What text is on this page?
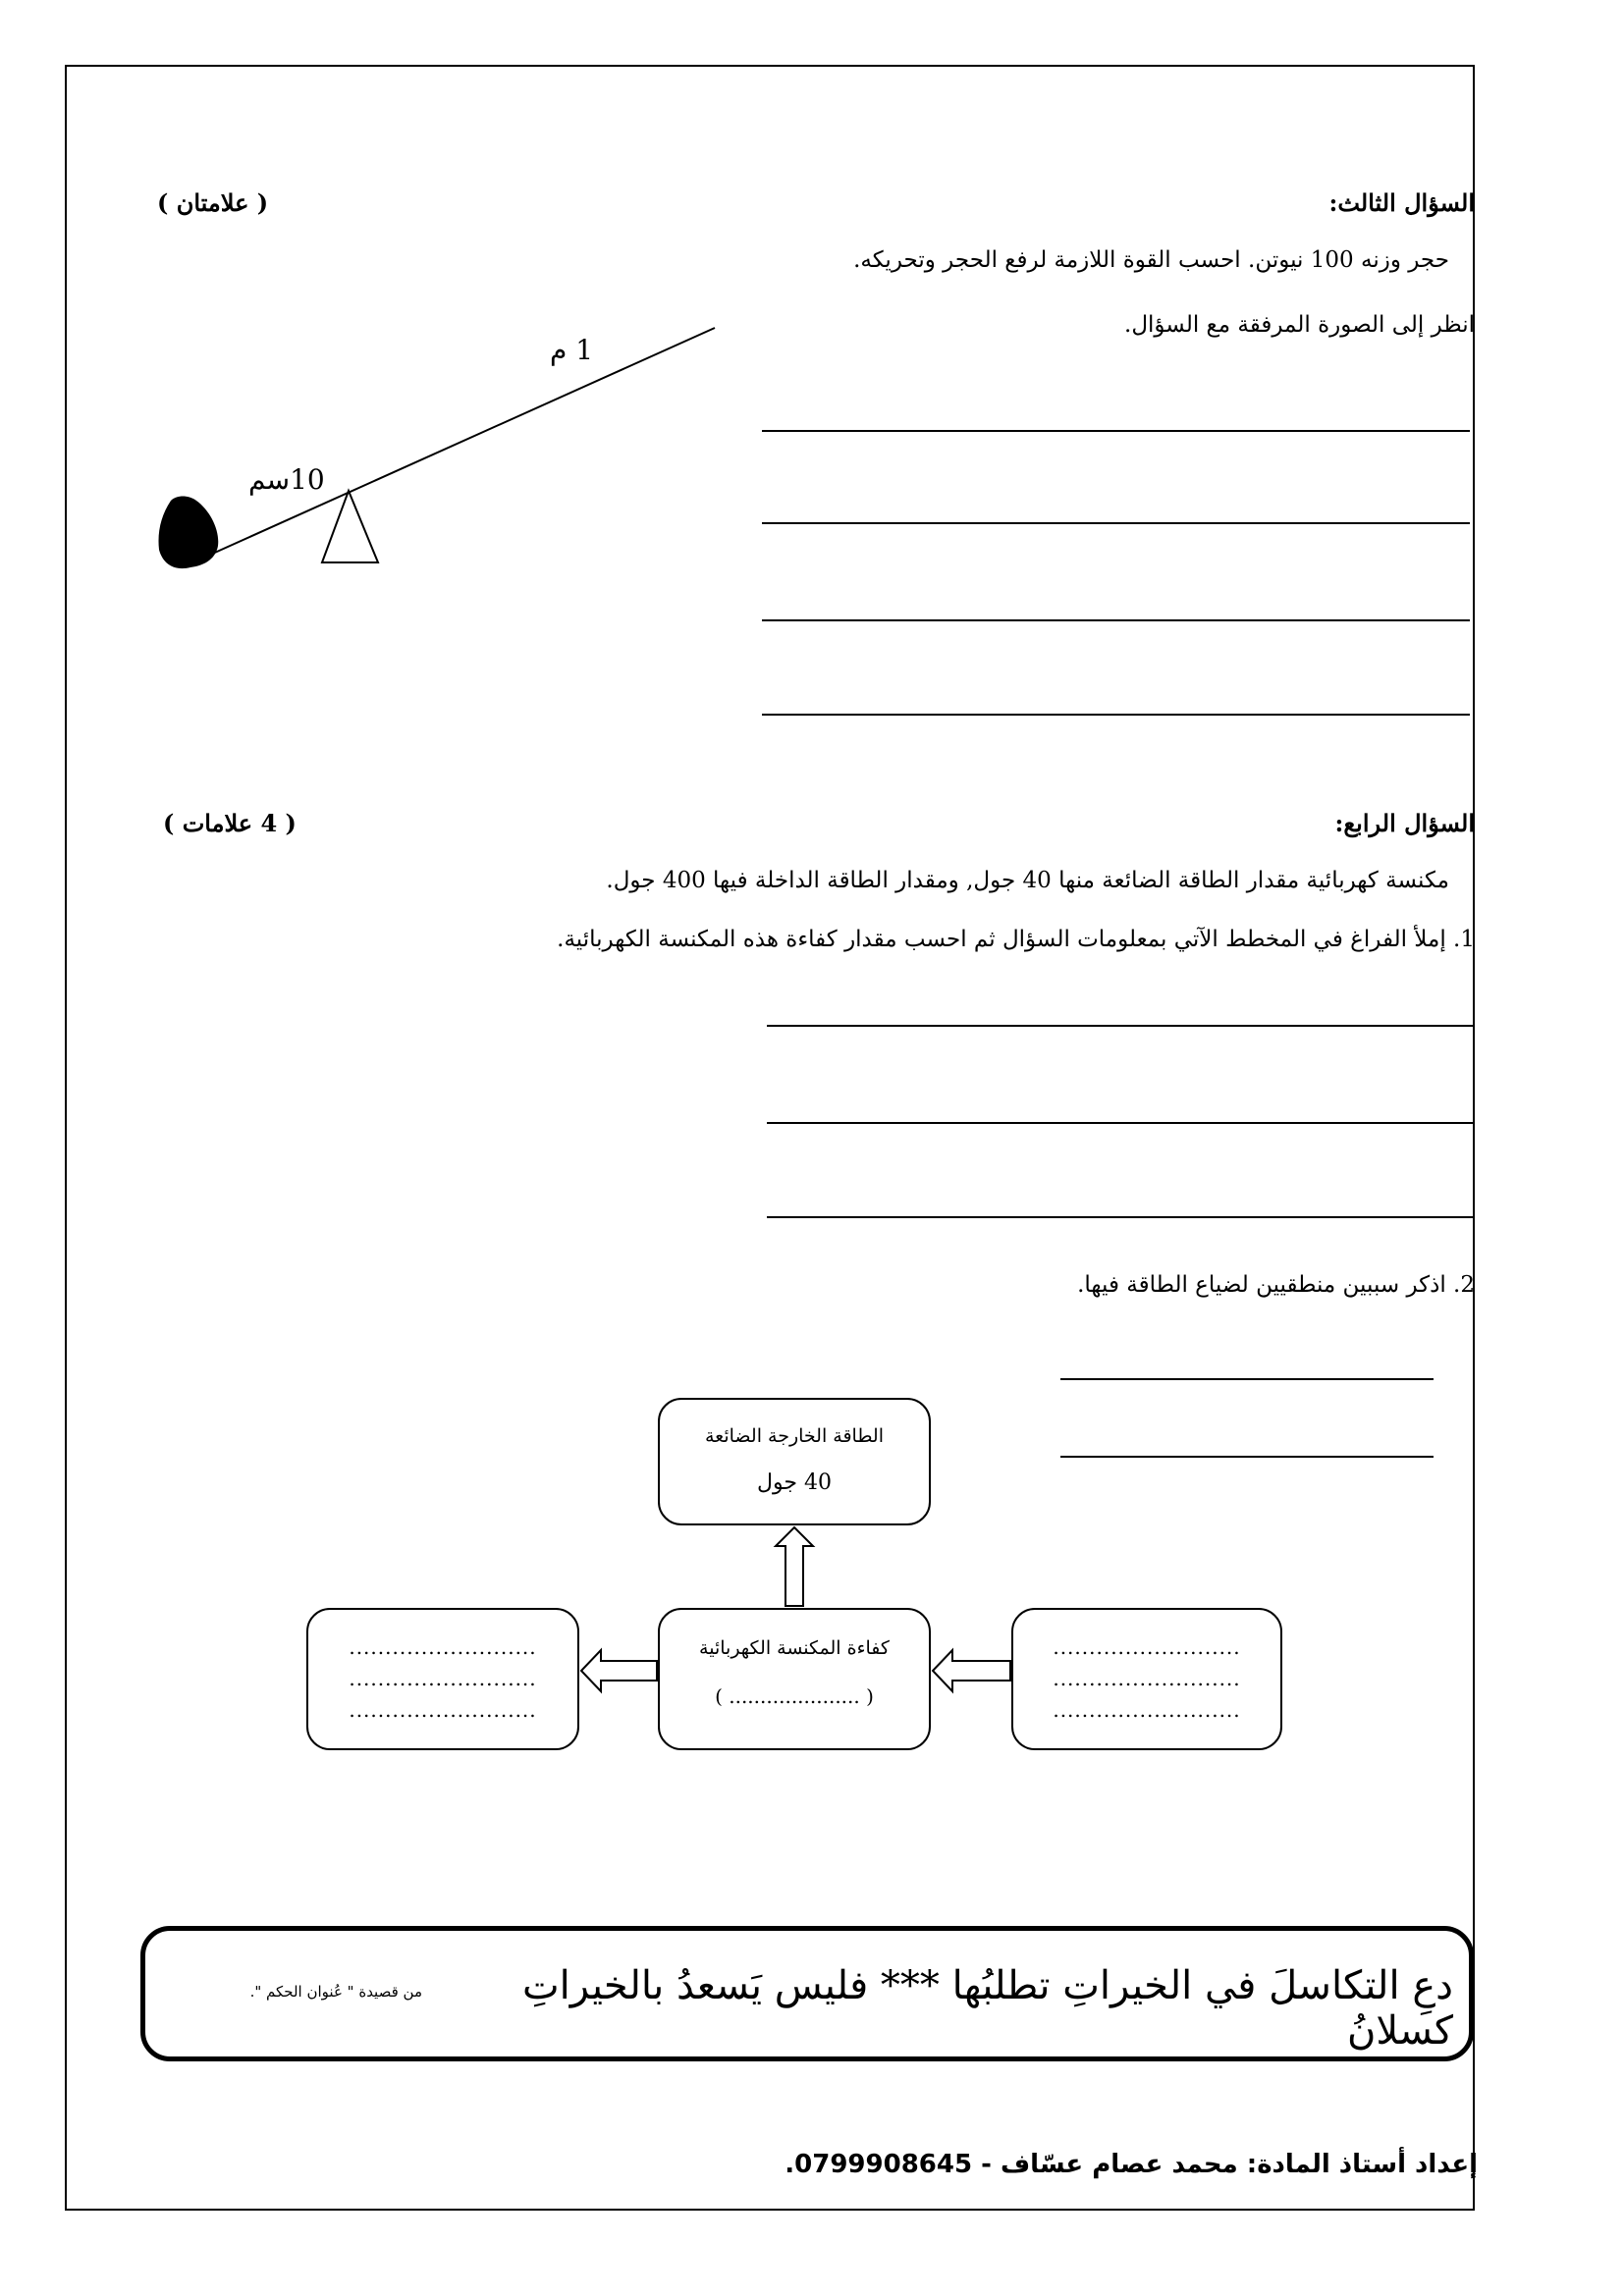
السؤال الثالث:
( علامتان )
حجر وزنه 100 نيوتن. احسب القوة اللازمة لرفع الحجر وتحريكه.
انظر إلى الصورة المرفقة مع السؤال.
1 م
10سم
السؤال الرابع:
( 4 علامات )
مكنسة كهربائية مقدار الطاقة الضائعة منها 40 جول, ومقدار الطاقة الداخلة فيها 400 جول.
1. إملأ الفراغ في المخطط الآتي بمعلومات السؤال ثم احسب مقدار كفاءة هذه المكنسة الكهربائية.
2. اذكر سببين منطقيين لضياع الطاقة فيها.
الطاقة الخارجة الضائعة
40 جول
كفاءة المكنسة الكهربائية
( ..................... )
..........................
..........................
..........................
..........................
..........................
..........................
دعِ التكاسلَ في الخيراتِ تطلبُها *** فليس يَسعدُ بالخيراتِ كسلانُ
من قصيدة " عُنوان الحكم ".
إعداد أستاذ المادة: محمد عصام عسّاف - 0799908645.
